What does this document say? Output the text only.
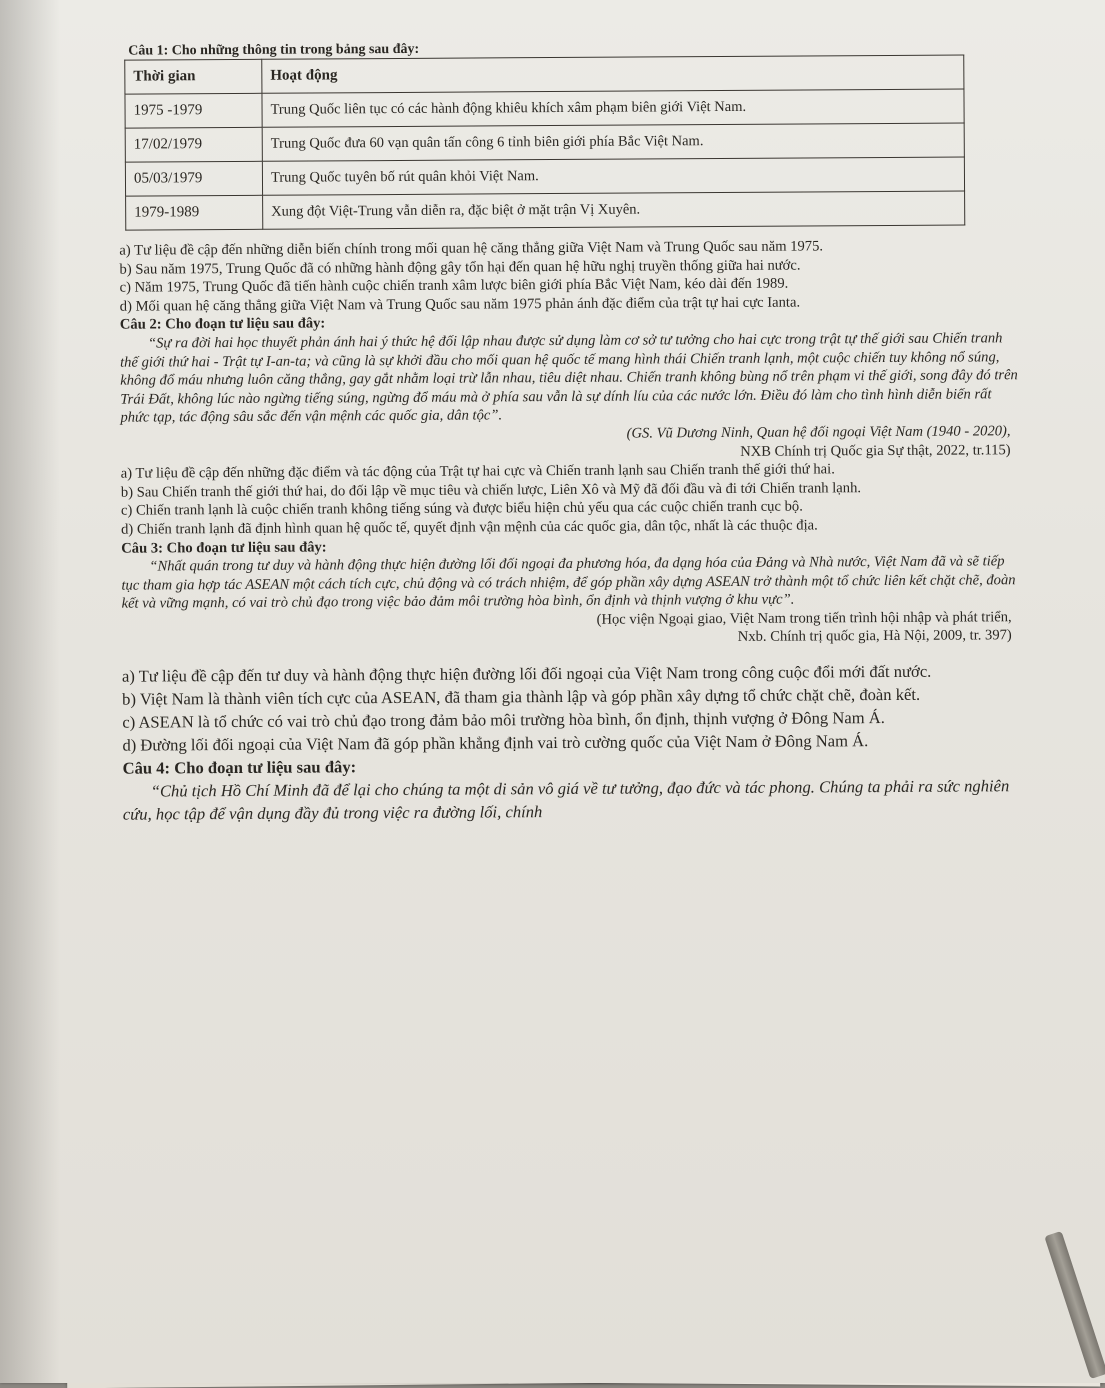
Câu 1: Cho những thông tin trong bảng sau đây:
Thời gian	Hoạt động
1975 -1979	Trung Quốc liên tục có các hành động khiêu khích xâm phạm biên giới Việt Nam.
17/02/1979	Trung Quốc đưa 60 vạn quân tấn công 6 tỉnh biên giới phía Bắc Việt Nam.
05/03/1979	Trung Quốc tuyên bố rút quân khỏi Việt Nam.
1979-1989	Xung đột Việt-Trung vẫn diễn ra, đặc biệt ở mặt trận Vị Xuyên.

a) Tư liệu đề cập đến những diễn biến chính trong mối quan hệ căng thẳng giữa Việt Nam và Trung Quốc sau năm 1975.

b) Sau năm 1975, Trung Quốc đã có những hành động gây tổn hại đến quan hệ hữu nghị truyền thống giữa hai nước.

c) Năm 1975, Trung Quốc đã tiến hành cuộc chiến tranh xâm lược biên giới phía Bắc Việt Nam, kéo dài đến 1989.

d) Mối quan hệ căng thẳng giữa Việt Nam và Trung Quốc sau năm 1975 phản ánh đặc điểm của trật tự hai cực Ianta.

Câu 2: Cho đoạn tư liệu sau đây:

“Sự ra đời hai học thuyết phản ánh hai ý thức hệ đối lập nhau được sử dụng làm cơ sở tư tưởng cho hai cực trong trật tự thế giới sau Chiến tranh thế giới thứ hai - Trật tự I-an-ta; và cũng là sự khởi đầu cho mối quan hệ quốc tế mang hình thái Chiến tranh lạnh, một cuộc chiến tuy không nổ súng, không đổ máu nhưng luôn căng thẳng, gay gắt nhằm loại trừ lẫn nhau, tiêu diệt nhau. Chiến tranh không bùng nổ trên phạm vi thế giới, song đây đó trên Trái Đất, không lúc nào ngừng tiếng súng, ngừng đổ máu mà ở phía sau vẫn là sự dính líu của các nước lớn. Điều đó làm cho tình hình diễn biến rất phức tạp, tác động sâu sắc đến vận mệnh các quốc gia, dân tộc”.

(GS. Vũ Dương Ninh, Quan hệ đối ngoại Việt Nam (1940 - 2020),

NXB Chính trị Quốc gia Sự thật, 2022, tr.115)

a) Tư liệu đề cập đến những đặc điểm và tác động của Trật tự hai cực và Chiến tranh lạnh sau Chiến tranh thế giới thứ hai.

b) Sau Chiến tranh thế giới thứ hai, do đối lập về mục tiêu và chiến lược, Liên Xô và Mỹ đã đối đầu và đi tới Chiến tranh lạnh.

c) Chiến tranh lạnh là cuộc chiến tranh không tiếng súng và được biểu hiện chủ yếu qua các cuộc chiến tranh cục bộ.

d) Chiến tranh lạnh đã định hình quan hệ quốc tế, quyết định vận mệnh của các quốc gia, dân tộc, nhất là các thuộc địa.

Câu 3: Cho đoạn tư liệu sau đây:

“Nhất quán trong tư duy và hành động thực hiện đường lối đối ngoại đa phương hóa, đa dạng hóa của Đảng và Nhà nước, Việt Nam đã và sẽ tiếp tục tham gia hợp tác ASEAN một cách tích cực, chủ động và có trách nhiệm, để góp phần xây dựng ASEAN trở thành một tổ chức liên kết chặt chẽ, đoàn kết và vững mạnh, có vai trò chủ đạo trong việc bảo đảm môi trường hòa bình, ổn định và thịnh vượng ở khu vực”.

(Học viện Ngoại giao, Việt Nam trong tiến trình hội nhập và phát triển,

Nxb. Chính trị quốc gia, Hà Nội, 2009, tr. 397)

a) Tư liệu đề cập đến tư duy và hành động thực hiện đường lối đối ngoại của Việt Nam trong công cuộc đổi mới đất nước.

b) Việt Nam là thành viên tích cực của ASEAN, đã tham gia thành lập và góp phần xây dựng tổ chức chặt chẽ, đoàn kết.

c) ASEAN là tổ chức có vai trò chủ đạo trong đảm bảo môi trường hòa bình, ổn định, thịnh vượng ở Đông Nam Á.

d) Đường lối đối ngoại của Việt Nam đã góp phần khẳng định vai trò cường quốc của Việt Nam ở Đông Nam Á.

Câu 4: Cho đoạn tư liệu sau đây:

“Chủ tịch Hồ Chí Minh đã để lại cho chúng ta một di sản vô giá về tư tưởng, đạo đức và tác phong. Chúng ta phải ra sức nghiên cứu, học tập để vận dụng đầy đủ trong việc ra đường lối, chính
